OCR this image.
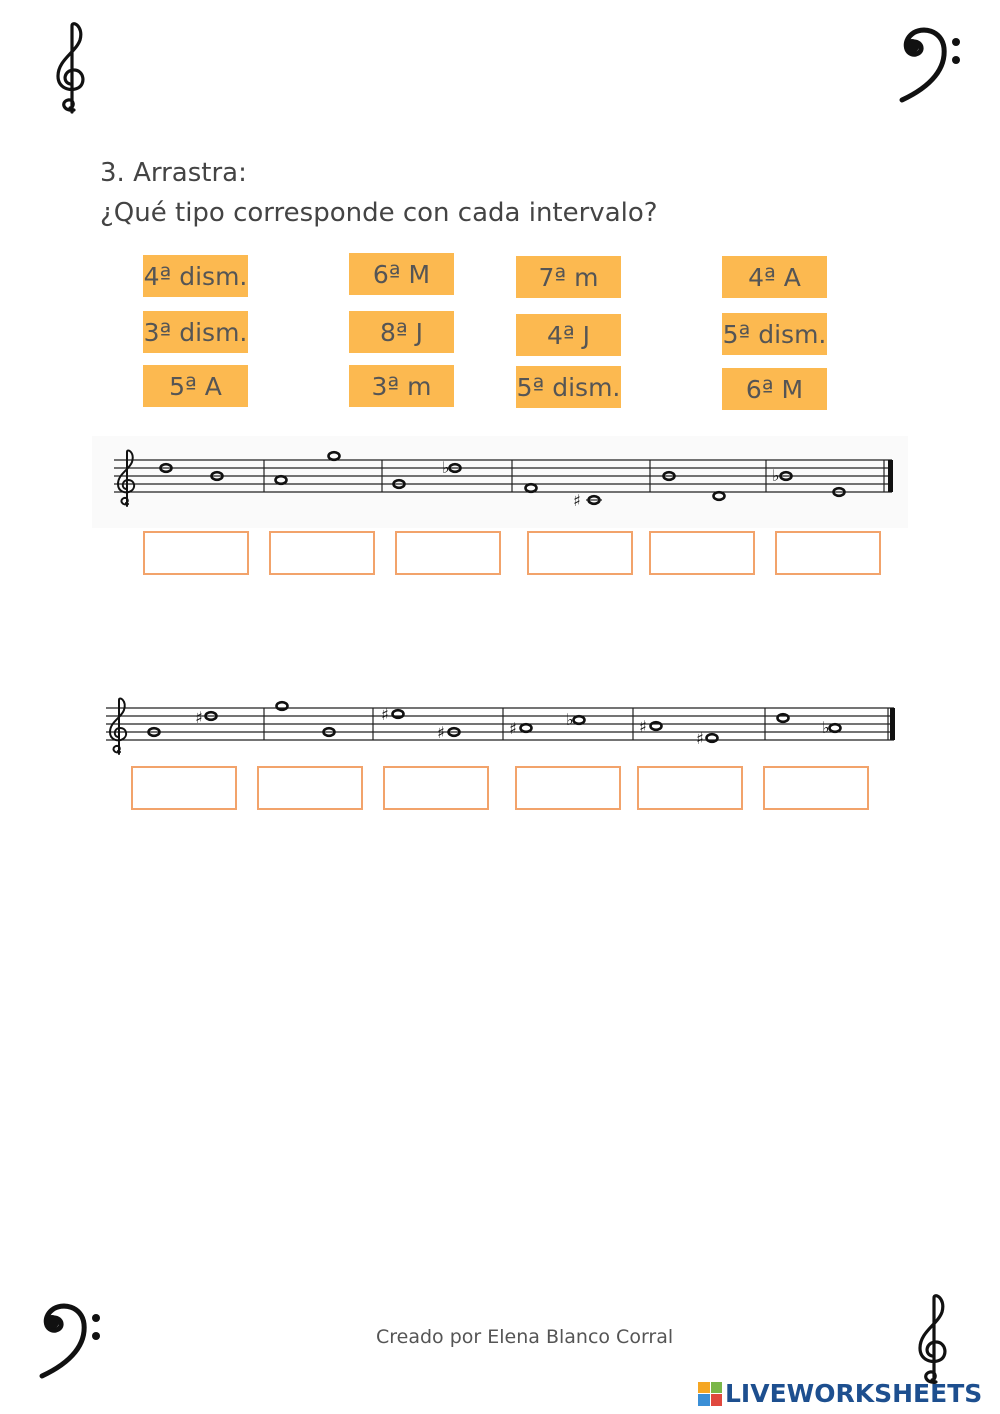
3. Arrastra:
¿Qué tipo corresponde con cada intervalo?
4ª dism.	6ª M	7ª m	4ª A
3ª dism.	8ª J	4ª J	5ª dism.
5ª A	3ª m	5ª dism.	6ª M
♭
♯
♭
♯	♯
♯	♯	♭	♯
♯
♭
Creado por Elena Blanco Corral
LIVEWORKSHEETS
